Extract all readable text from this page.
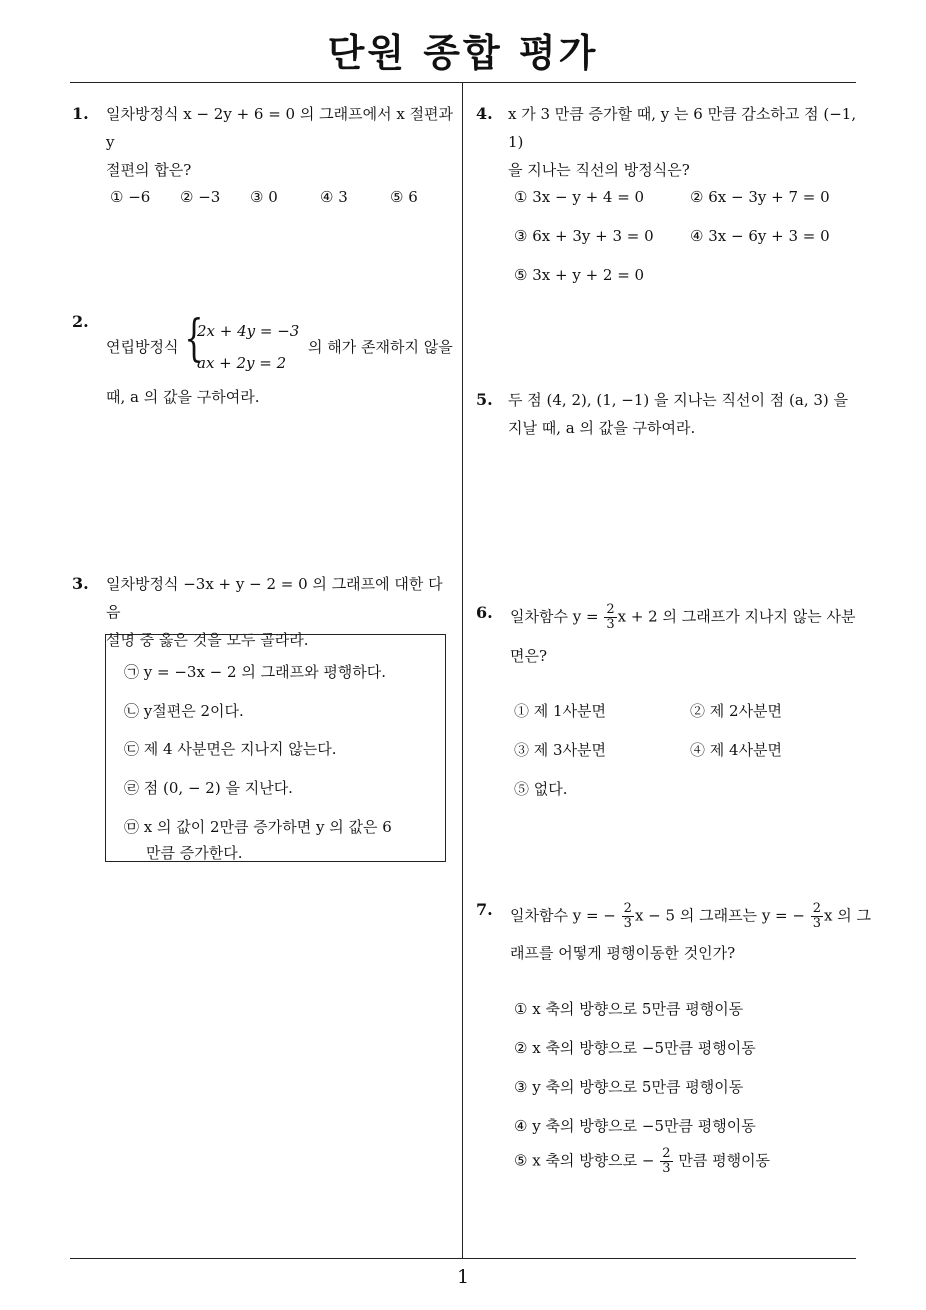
단원 종합 평가
1
1. 일차방정식 x − 2y + 6 = 0 의 그래프에서 x 절편과 y
절편의 합은?
① −6 ② −3 ③ 0	④ 3	⑤ 6
2.
연립방정식 {
2x + 4y = −3
ax + 2y = 2
의 해가 존재하지 않을
때, a 의 값을 구하여라.
3. 일차방정식 −3x + y − 2 = 0 의 그래프에 대한 다음
설명 중 옳은 것을 모두 골라라.
㉠ y = −3x − 2 의 그래프와 평행하다.
㉡ y절편은 2이다.
㉢ 제 4 사분면은 지나지 않는다.
㉣ 점 (0, − 2) 을 지난다.
㉤ x 의 값이 2만큼 증가하면 y 의 값은 6
만큼 증가한다.
4. x 가 3 만큼 증가할 때, y 는 6 만큼 감소하고 점 (−1, 1)
을 지나는 직선의 방정식은?
① 3x − y + 4 = 0	② 6x − 3y + 7 = 0
③ 6x + 3y + 3 = 0 ④ 3x − 6y + 3 = 0
⑤ 3x + y + 2 = 0
5. 두 점 (4, 2), (1, −1) 을 지나는 직선이 점 (a, 3) 을
지날 때, a 의 값을 구하여라.
6. 일차함수 $y = \frac{2}{3}$ x + 2 의 그래프가 지나지 않는 사분
면은?
① 제 1사분면	② 제 2사분면
③ 제 3사분면	④ 제 4사분면
⑤ 없다.
7. 일차함수 y = − $\frac{2}{3}$ x − 5 의 그래프는 y = − $\frac{2}{3}$ x 의 그
래프를 어떻게 평행이동한 것인가?
① x 축의 방향으로 5만큼 평행이동
② x 축의 방향으로 −5만큼 평행이동
③ y 축의 방향으로 5만큼 평행이동
④ y 축의 방향으로 −5만큼 평행이동
⑤ x 축의 방향으로 − $\frac{2}{3}$ 만큼 평행이동
